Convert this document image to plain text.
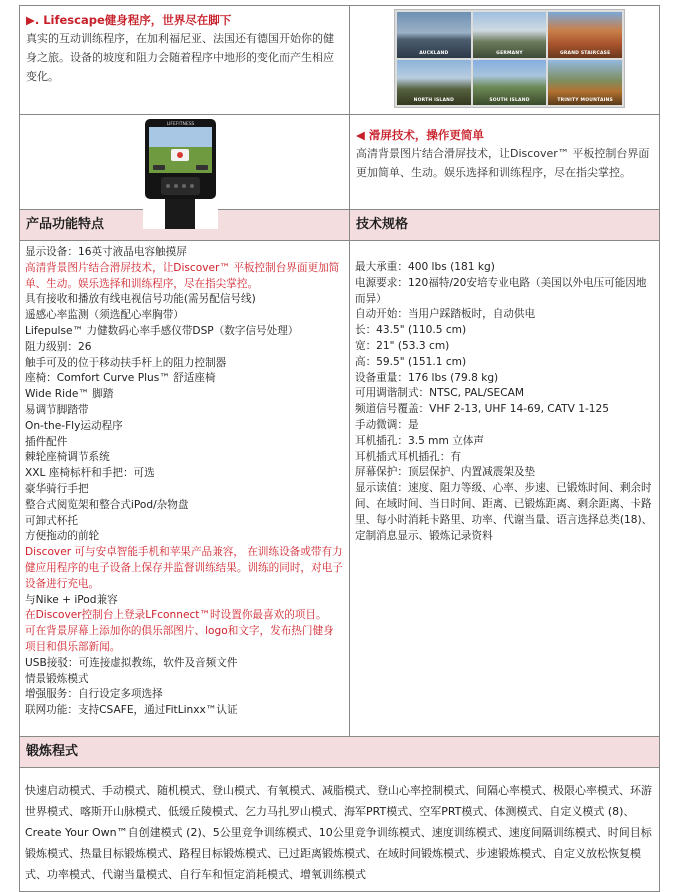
▶. Lifescape健身程序，世界尽在脚下
真实的互动训练程序，在加利福尼亚、法国还有德国开始你的健身之旅。设备的坡度和阻力会随着程序中地形的变化而产生相应变化。
◀ 滑屏技术，操作更简单
高清背景图片结合滑屏技术，让Discover™ 平板控制台界面更加简单、生动。娱乐选择和训练程序，尽在指尖掌控。
产品功能特点	技术规格
显示设备：16英寸液晶电容触摸屏
高清背景图片结合滑屏技术，让Discover™ 平板控制台界面更加简单、生动。娱乐选择和训练程序，尽在指尖掌控。
具有接收和播放有线电视信号功能(需另配信号线)
遥感心率监测（须选配心率胸带）
Lifepulse™ 力健数码心率手感仪带DSP（数字信号处理）
阻力级别：26
触手可及的位于移动扶手杆上的阻力控制器
座椅：Comfort Curve Plus™ 舒适座椅
Wide Ride™ 脚踏
易调节脚踏带
On-the-Fly运动程序
插件配件
棘轮座椅调节系统
XXL 座椅标杆和手把：可选
豪华骑行手把
整合式阅览架和整合式iPod/杂物盘
可卸式杯托
方便拖动的前轮
Discover 可与安卓智能手机和苹果产品兼容， 在训练设备或带有力健应用程序的电子设备上保存并监督训练结果。训练的同时，对电子设备进行充电。
与Nike + iPod兼容
在Discover控制台上登录LFconnect™时设置你最喜欢的项目。
可在背景屏幕上添加你的俱乐部图片、logo和文字，发布热门健身项目和俱乐部新闻。
USB接驳：可连接虚拟教练，软件及音频文件
情景锻炼模式
增强服务：自行设定多项选择
联网功能：支持CSAFE，通过FitLinxx™认证
最大承重：400 lbs (181 kg)
电源要求：120福特/20安培专业电路（美国以外电压可能因地而异）
自动开始：当用户踩踏板时，自动供电
长：43.5" (110.5 cm)
宽：21" (53.3 cm)
高：59.5" (151.1 cm)
设备重量：176 lbs (79.8 kg)
可用调谐制式：NTSC, PAL/SECAM
频道信号覆盖：VHF 2-13, UHF 14-69, CATV 1-125
手动微调：是
耳机插孔：3.5 mm 立体声
耳机插式耳机插孔：有
屏幕保护：顶层保护、内置减震架及垫
显示读值：速度、阻力等级、心率、步速、已锻炼时间、剩余时间、在域时间、当日时间、距离、已锻炼距离、剩余距离、卡路里、每小时消耗卡路里、功率、代谢当量、语言选择总类(18)、定制消息显示、锻炼记录资料
锻炼程式
快速启动模式、手动模式、随机模式、登山模式、有氧模式、减脂模式、登山心率控制模式、间隔心率模式、极限心率模式、环游世界模式、喀斯开山脉模式、低缓丘陵模式、乞力马扎罗山模式、海军PRT模式、空军PRT模式、体测模式、自定义模式 (8)、Create Your Own™自创建模式 (2)、5公里竞争训练模式、10公里竞争训练模式、速度训练模式、速度间隔训练模式、时间目标锻炼模式、热量目标锻炼模式、路程目标锻炼模式、已过距离锻炼模式、在域时间锻炼模式、步速锻炼模式、自定义放松恢复模式、功率模式、代谢当量模式、自行车和恒定消耗模式、增氧训练模式
AUCKLAND	GERMANY	GRAND STAIRCASE
NORTH ISLAND	SOUTH ISLAND	TRINITY MOUNTAINS
LIFEFITNESS
